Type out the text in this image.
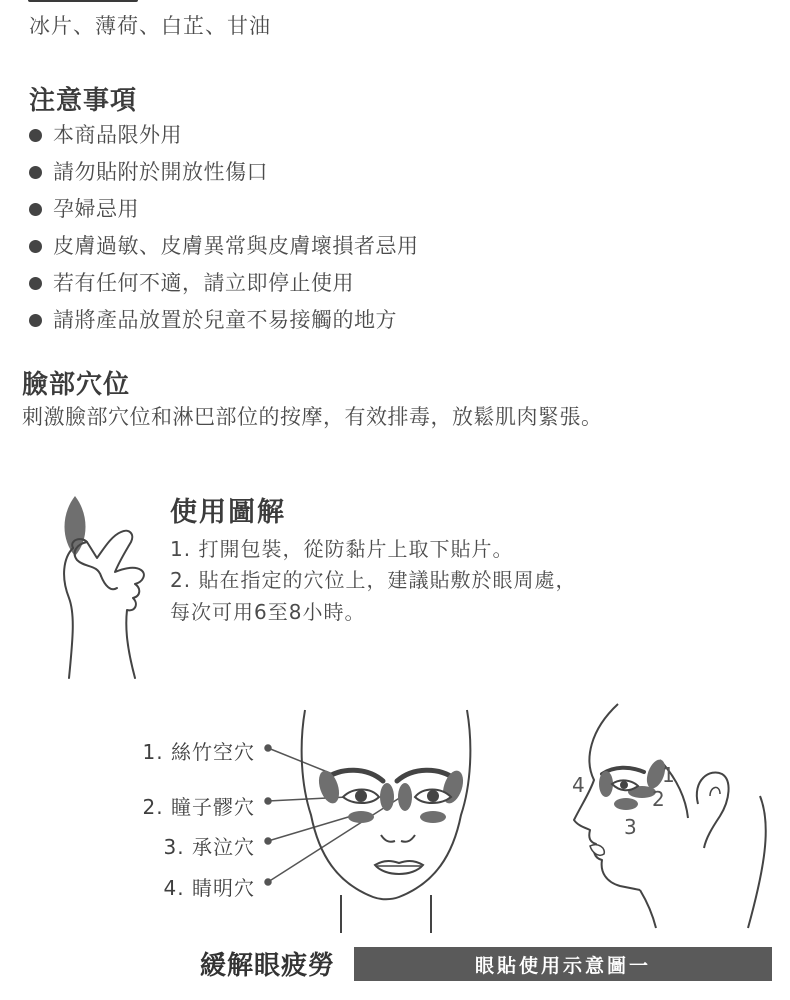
冰片、薄荷、白芷、甘油
注意事項
本商品限外用
請勿貼附於開放性傷口
孕婦忌用
皮膚過敏、皮膚異常與皮膚壞損者忌用
若有任何不適，請立即停止使用
請將產品放置於兒童不易接觸的地方
臉部穴位
刺激臉部穴位和淋巴部位的按摩，有效排毒，放鬆肌肉緊張。
使用圖解
1. 打開包裝，從防黏片上取下貼片。
2. 貼在指定的穴位上，建議貼敷於眼周處，
每次可用6至8小時。
1. 絲竹空穴
2. 瞳子髎穴
3. 承泣穴
4. 睛明穴
1
2
3
4
緩解眼疲勞	眼貼使用示意圖一
